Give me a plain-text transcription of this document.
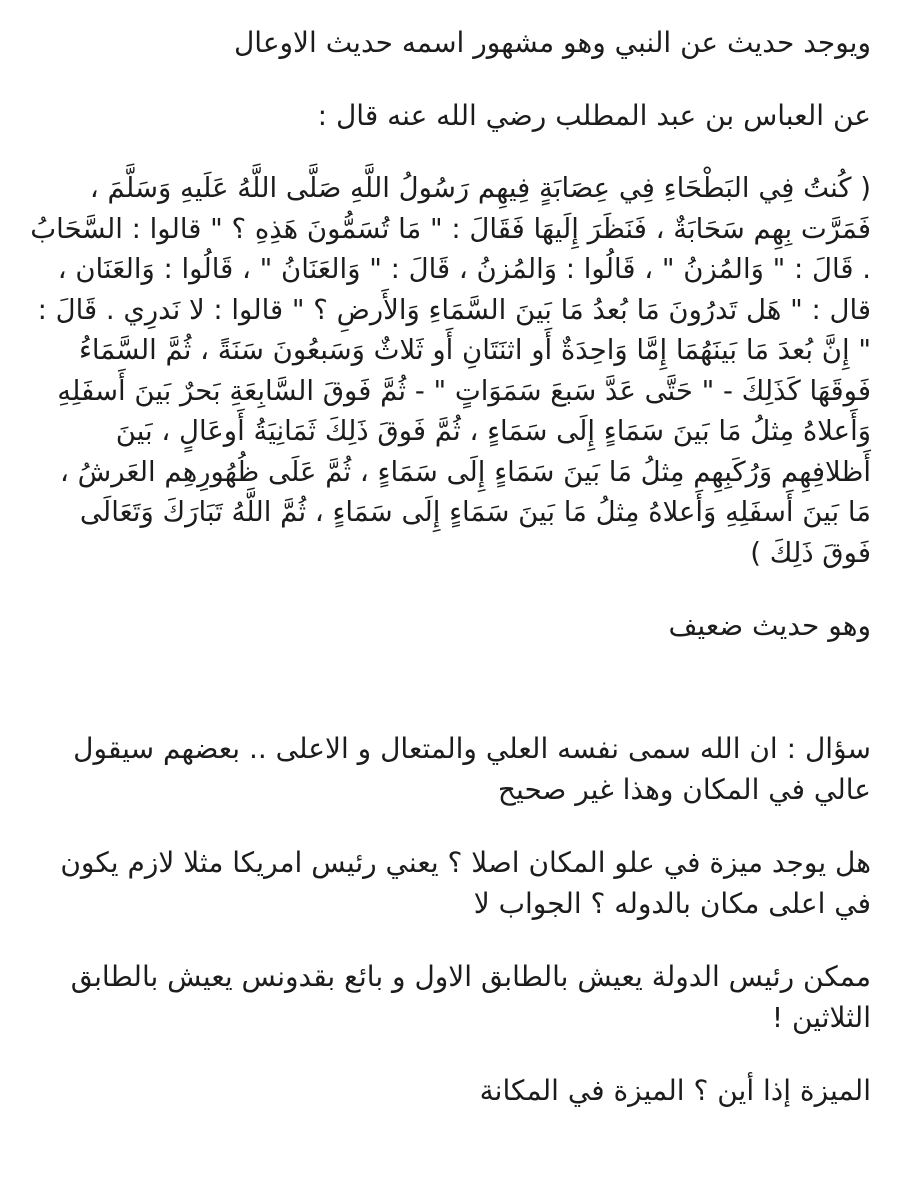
ويوجد حديث عن النبي وهو مشهور اسمه حديث الاوعال

عن العباس بن عبد المطلب رضي الله عنه قال :

( كُنتُ فِي البَطْحَاءِ فِي عِصَابَةٍ فِيهِم رَسُولُ اللَّهِ صَلَّى اللَّهُ عَلَيهِ وَسَلَّمَ ، فَمَرَّت بِهِم سَحَابَةٌ ، فَنَظَرَ إِلَيهَا فَقَالَ : " مَا تُسَمُّونَ هَذِهِ ؟ " قالوا : السَّحَابُ . قَالَ : " وَالمُزنُ " ، قَالُوا : وَالمُزنُ ، قَالَ : " وَالعَنَانُ " ، قَالُوا : وَالعَنَان ، قال : " هَل تَدرُونَ مَا بُعدُ مَا بَينَ السَّمَاءِ وَالأَرضِ ؟ " قالوا : لا نَدرِي . قَالَ : " إِنَّ بُعدَ مَا بَينَهُمَا إِمَّا وَاحِدَةٌ أَو اثنَتَانِ أَو ثَلاثٌ وَسَبعُونَ سَنَةً ، ثُمَّ السَّمَاءُ فَوقَهَا كَذَلِكَ - " حَتَّى عَدَّ سَبعَ سَمَوَاتٍ " - ثُمَّ فَوقَ السَّابِعَةِ بَحرٌ بَينَ أَسفَلِهِ وَأَعلاهُ مِثلُ مَا بَينَ سَمَاءٍ إِلَى سَمَاءٍ ، ثُمَّ فَوقَ ذَلِكَ ثَمَانِيَةُ أَوعَالٍ ، بَينَ أَظلافِهِم وَرُكَبِهِم مِثلُ مَا بَينَ سَمَاءٍ إِلَى سَمَاءٍ ، ثُمَّ عَلَى ظُهُورِهِم العَرشُ ، مَا بَينَ أَسفَلِهِ وَأَعلاهُ مِثلُ مَا بَينَ سَمَاءٍ إِلَى سَمَاءٍ ، ثُمَّ اللَّهُ تَبَارَكَ وَتَعَالَى فَوقَ ذَلِكَ )

وهو حديث ضعيف

سؤال : ان الله سمى نفسه العلي والمتعال و الاعلى .. بعضهم سيقول عالي في المكان وهذا غير صحيح

هل يوجد ميزة في علو المكان اصلا ؟ يعني رئيس امريكا مثلا لازم يكون في اعلى مكان بالدوله ؟ الجواب لا

ممكن رئيس الدولة يعيش بالطابق الاول و بائع بقدونس يعيش بالطابق الثلاثين !

الميزة إذا أين ؟ الميزة في المكانة
